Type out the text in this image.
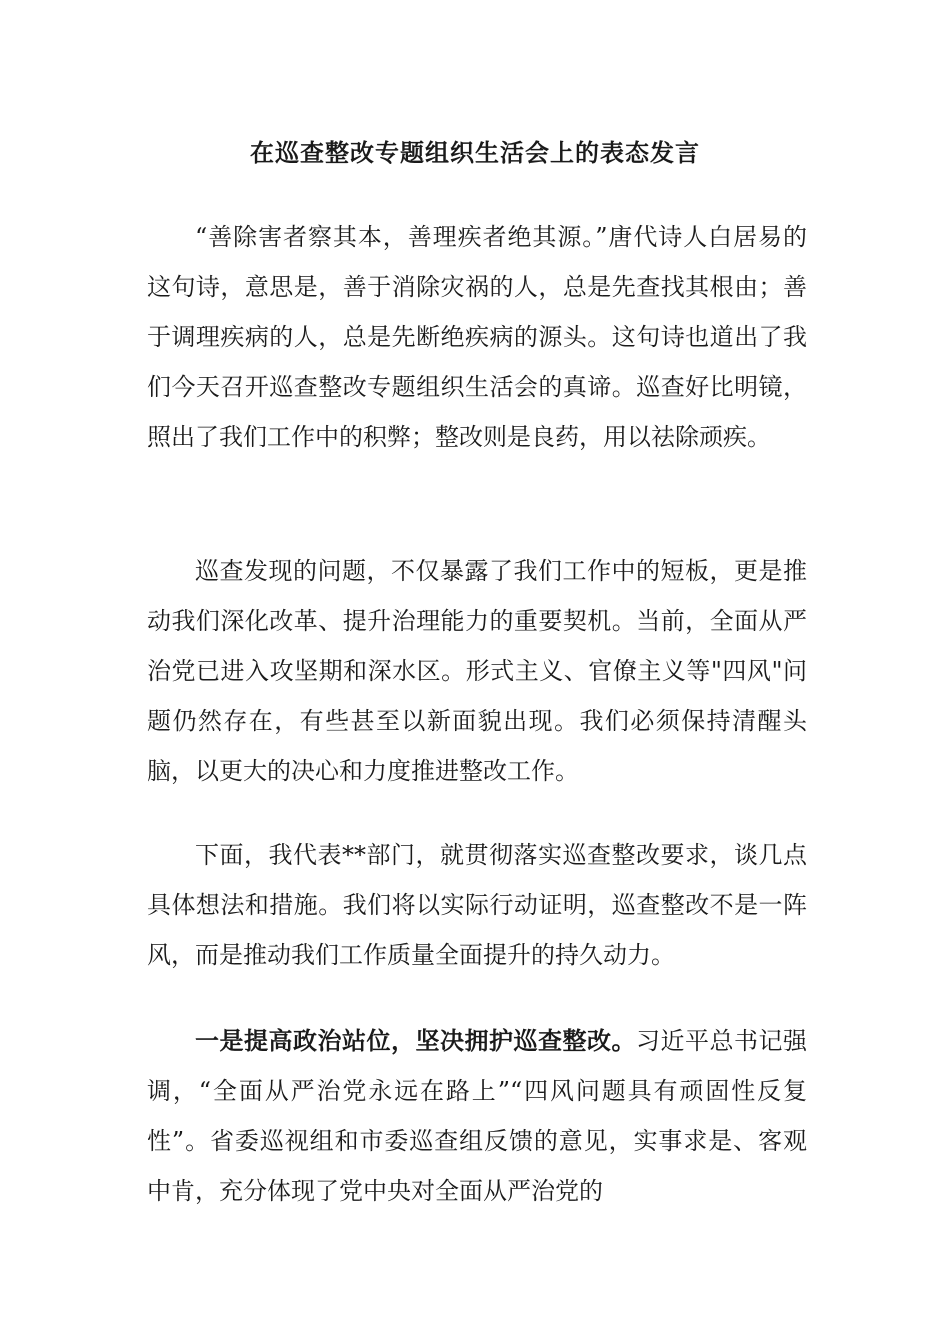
在巡查整改专题组织生活会上的表态发言

“善除害者察其本，善理疾者绝其源。”唐代诗人白居易的这句诗，意思是，善于消除灾祸的人，总是先查找其根由；善于调理疾病的人，总是先断绝疾病的源头。这句诗也道出了我们今天召开巡查整改专题组织生活会的真谛。巡查好比明镜，照出了我们工作中的积弊；整改则是良药，用以祛除顽疾。

巡查发现的问题，不仅暴露了我们工作中的短板，更是推动我们深化改革、提升治理能力的重要契机。当前，全面从严治党已进入攻坚期和深水区。形式主义、官僚主义等"四风"问题仍然存在，有些甚至以新面貌出现。我们必须保持清醒头脑，以更大的决心和力度推进整改工作。

下面，我代表**部门，就贯彻落实巡查整改要求，谈几点具体想法和措施。我们将以实际行动证明，巡查整改不是一阵风，而是推动我们工作质量全面提升的持久动力。

一是提高政治站位，坚决拥护巡查整改。习近平总书记强调，“全面从严治党永远在路上”“四风问题具有顽固性反复性”。省委巡视组和市委巡查组反馈的意见，实事求是、客观中肯，充分体现了党中央对全面从严治党的
